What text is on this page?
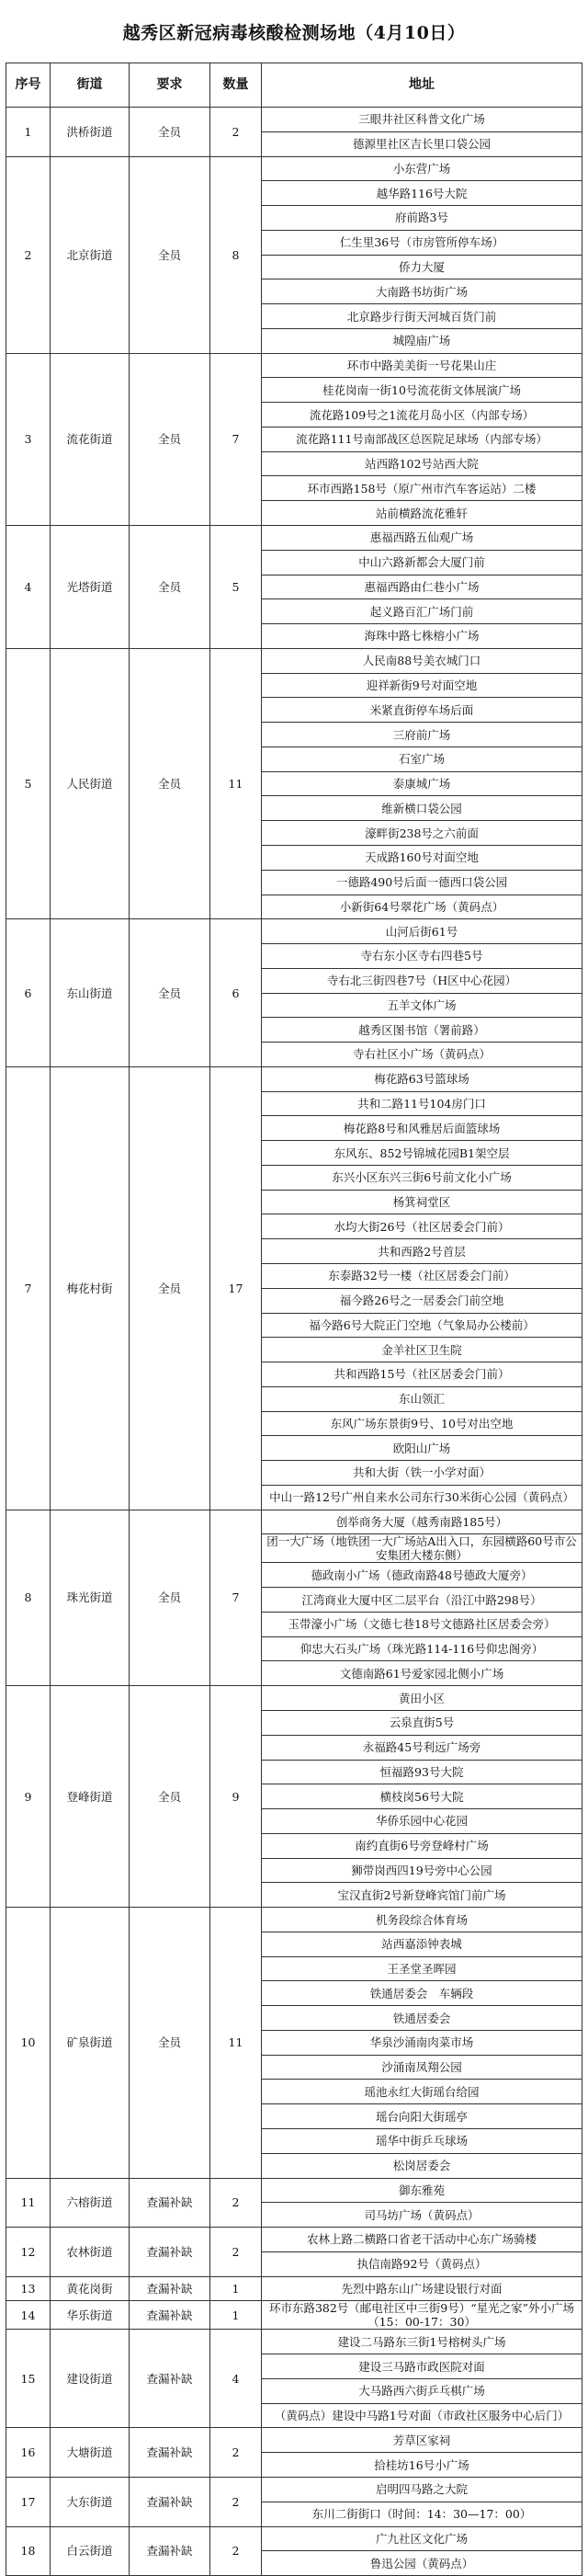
越秀区新冠病毒核酸检测场地（4月10日）
序号	街道	要求	数量	地址
1	洪桥街道	全员	2	三眼井社区科普文化广场
				德源里社区吉长里口袋公园
2	北京街道	全员	8	小东营广场
				越华路116号大院
				府前路3号
				仁生里36号（市房管所停车场）
				侨力大厦
				大南路书坊街广场
				北京路步行街天河城百货门前
				城隍庙广场
3	流花街道	全员	7	环市中路美美街一号花果山庄
				桂花岗南一街10号流花街文体展演广场
				流花路109号之1流花月岛小区（内部专场）
				流花路111号南部战区总医院足球场（内部专场）
				站西路102号站西大院
				环市西路158号（原广州市汽车客运站）二楼
				站前横路流花雅轩
4	光塔街道	全员	5	惠福西路五仙观广场
				中山六路新都会大厦门前
				惠福西路由仁巷小广场
				起义路百汇广场门前
				海珠中路七株榕小广场
5	人民街道	全员	11	人民南88号美衣城门口
				迎祥新街9号对面空地
				米紧直街停车场后面
				三府前广场
				石室广场
				泰康城广场
				维新横口袋公园
				濠畔街238号之六前面
				天成路160号对面空地
				一德路490号后面一德西口袋公园
				小新街64号翠花广场（黄码点）
6	东山街道	全员	6	山河后街61号
				寺右东小区寺右四巷5号
				寺右北三街四巷7号（H区中心花园）
				五羊文体广场
				越秀区图书馆（署前路）
				寺右社区小广场（黄码点）
7	梅花村街	全员	17	梅花路63号篮球场
				共和二路11号104房门口
				梅花路8号和风雅居后面篮球场
				东风东、852号锦城花园B1架空层
				东兴小区东兴三街6号前文化小广场
				杨箕祠堂区
				水均大街26号（社区居委会门前）
				共和西路2号首层
				东泰路32号一楼（社区居委会门前）
				福今路26号之一居委会门前空地
				福今路6号大院正门空地（气象局办公楼前）
				金羊社区卫生院
				共和西路15号（社区居委会门前）
				东山领汇
				东风广场东景街9号、10号对出空地
				欧阳山广场
				共和大街（铁一小学对面）
				中山一路12号广州自来水公司东行30米街心公园（黄码点）
8	珠光街道	全员	7	创举商务大厦（越秀南路185号）
				团一大广场（地铁团一大广场站A出入口，东园横路60号市公安集团大楼东侧）
				德政南小广场（德政南路48号德政大厦旁）
				江湾商业大厦中区二层平台（沿江中路298号）
				玉带濠小广场（文德七巷18号文德路社区居委会旁）
				仰忠大石头广场（珠光路114-116号仰忠阁旁）
				文德南路61号爱家园北侧小广场
9	登峰街道	全员	9	黄田小区
				云泉直街5号
				永福路45号利远广场旁
				恒福路93号大院
				横枝岗56号大院
				华侨乐园中心花园
				南约直街6号旁登峰村广场
				狮带岗西四19号旁中心公园
				宝汉直街2号新登峰宾馆门前广场
10	矿泉街道	全员	11	机务段综合体育场
				站西嘉添钟表城
				王圣堂圣晖园
				铁通居委会　车辆段
				铁通居委会
				华泉沙涌南肉菜市场
				沙涌南凤翔公园
				瑶池永红大街瑶台给园
				瑶台向阳大街瑶亭
				瑶华中街乒乓球场
				松岗居委会
11	六榕街道	查漏补缺	2	御东雅苑
				司马坊广场（黄码点）
12	农林街道	查漏补缺	2	农林上路二横路口省老干活动中心东广场骑楼
				执信南路92号（黄码点）
13	黄花岗街	查漏补缺	1	先烈中路东山广场建设银行对面
14	华乐街道	查漏补缺	1	环市东路382号（邮电社区中三街9号）“星光之家”外小广场（15：00-17：30）
15	建设街道	查漏补缺	4	建设二马路东三街1号榕树头广场
				建设三马路市政医院对面
				大马路西六街乒乓棋广场
				（黄码点）建设中马路1号对面（市政社区服务中心后门）
16	大塘街道	查漏补缺	2	芳草区家祠
				拾桂坊16号小广场
17	大东街道	查漏补缺	2	启明四马路之大院
				东川二街街口（时间：14：30—17：00）
18	白云街道	查漏补缺	2	广九社区文化广场
				鲁迅公园（黄码点）
